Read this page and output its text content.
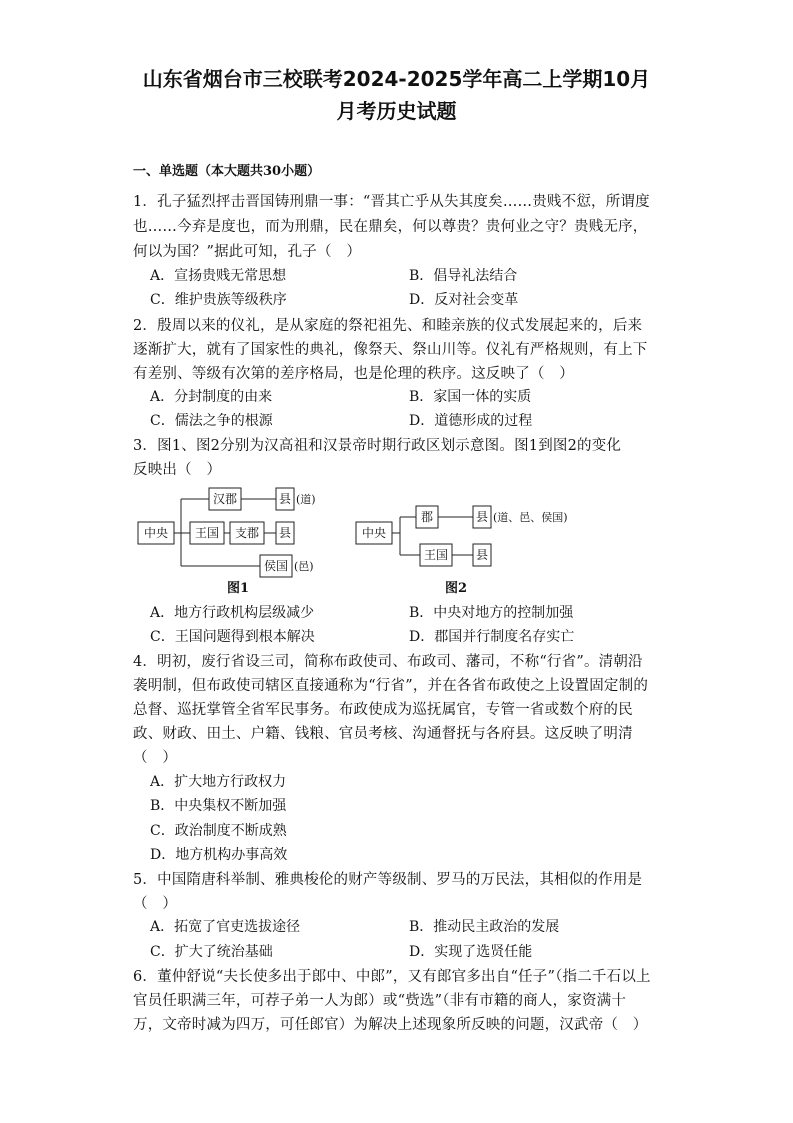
山东省烟台市三校联考2024-2025学年高二上学期10月
月考历史试题
一、单选题（本大题共30小题）
1．孔子猛烈抨击晋国铸刑鼎一事：“晋其亡乎从失其度矣……贵贱不愆，所谓度
也……今弃是度也，而为刑鼎，民在鼎矣，何以尊贵？贵何业之守？贵贱无序，
何以为国？”据此可知，孔子（　）
A．宣扬贵贱无常思想	B．倡导礼法结合
C．维护贵族等级秩序	D．反对社会变革
2．殷周以来的仪礼，是从家庭的祭祀祖先、和睦亲族的仪式发展起来的，后来
逐渐扩大，就有了国家性的典礼，像祭天、祭山川等。仪礼有严格规则，有上下
有差别、等级有次第的差序格局，也是伦理的秩序。这反映了（　）
A．分封制度的由来	B．家国一体的实质
C．儒法之争的根源	D．道德形成的过程
3．图1、图2分别为汉高祖和汉景帝时期行政区划示意图。图1到图2的变化
反映出（　）
中央
汉郡	县
王国 支郡 县
侯国
中央
郡	县
王国 县
(道)
(邑)
(道、邑、侯国)
图1	图2
A．地方行政机构层级减少	B．中央对地方的控制加强
C．王国问题得到根本解决	D．郡国并行制度名存实亡
4．明初，废行省设三司，简称布政使司、布政司、藩司，不称“行省”。清朝沿
袭明制，但布政使司辖区直接通称为“行省”，并在各省布政使之上设置固定制的
总督、巡抚掌管全省军民事务。布政使成为巡抚属官，专管一省或数个府的民
政、财政、田土、户籍、钱粮、官员考核、沟通督抚与各府县。这反映了明清
（　）
A．扩大地方行政权力
B．中央集权不断加强
C．政治制度不断成熟
D．地方机构办事高效
5．中国隋唐科举制、雅典梭伦的财产等级制、罗马的万民法，其相似的作用是
（　）
A．拓宽了官吏选拔途径	B．推动民主政治的发展
C．扩大了统治基础	D．实现了选贤任能
6．董仲舒说“夫长使多出于郎中、中郎”，又有郎官多出自“任子”（指二千石以上
官员任职满三年，可荐子弟一人为郎）或“赀选”（非有市籍的商人，家资满十
万，文帝时减为四万，可任郎官）为解决上述现象所反映的问题，汉武帝（　）
